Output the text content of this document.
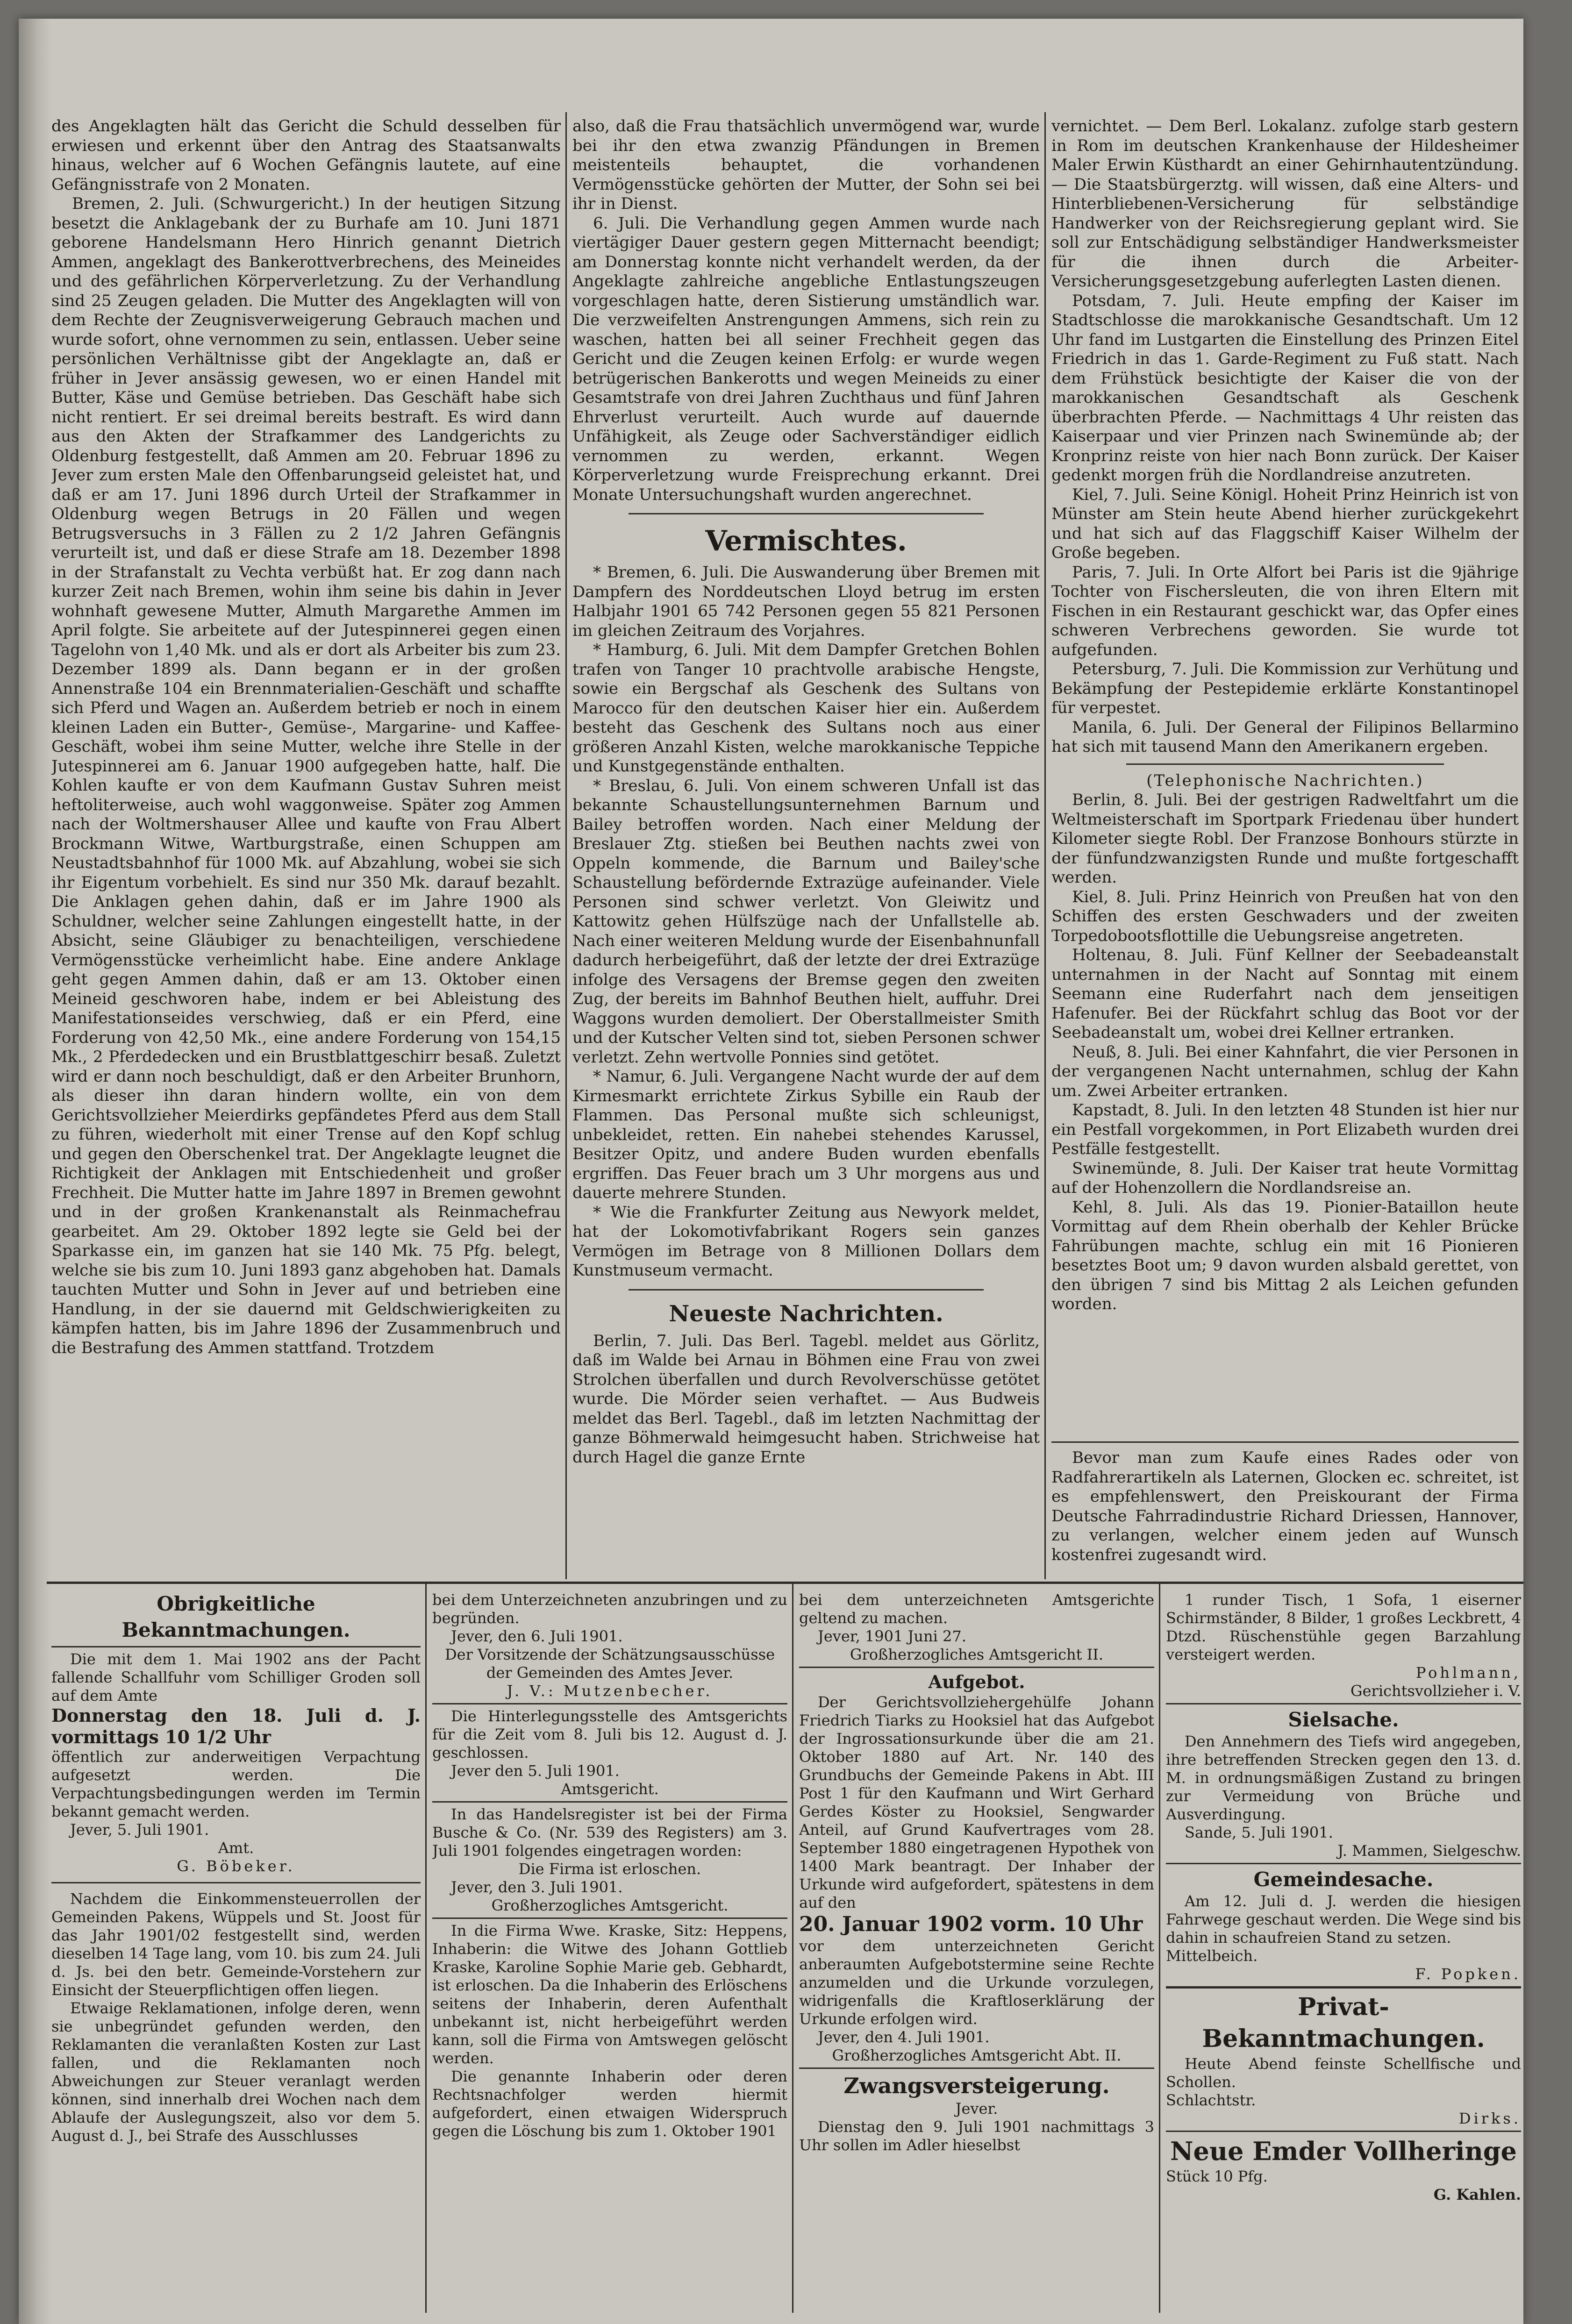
des Angeklagten hält das Gericht die Schuld desselben für erwiesen und erkennt über den Antrag des Staatsanwalts hinaus, welcher auf 6 Wochen Gefängnis lautete, auf eine Gefängnisstrafe von 2 Monaten.

Bremen, 2. Juli. (Schwurgericht.) In der heutigen Sitzung besetzt die Anklagebank der zu Burhafe am 10. Juni 1871 geborene Handelsmann Hero Hinrich genannt Dietrich Ammen, angeklagt des Bankerottverbrechens, des Meineides und des gefährlichen Körperverletzung. Zu der Verhandlung sind 25 Zeugen geladen. Die Mutter des Angeklagten will von dem Rechte der Zeugnisverweigerung Gebrauch machen und wurde sofort, ohne vernommen zu sein, entlassen. Ueber seine persönlichen Verhältnisse gibt der Angeklagte an, daß er früher in Jever ansässig gewesen, wo er einen Handel mit Butter, Käse und Gemüse betrieben. Das Geschäft habe sich nicht rentiert. Er sei dreimal bereits bestraft. Es wird dann aus den Akten der Strafkammer des Landgerichts zu Oldenburg festgestellt, daß Ammen am 20. Februar 1896 zu Jever zum ersten Male den Offenbarungseid geleistet hat, und daß er am 17. Juni 1896 durch Urteil der Strafkammer in Oldenburg wegen Betrugs in 20 Fällen und wegen Betrugsversuchs in 3 Fällen zu 2 1/2 Jahren Gefängnis verurteilt ist, und daß er diese Strafe am 18. Dezember 1898 in der Strafanstalt zu Vechta verbüßt hat. Er zog dann nach kurzer Zeit nach Bremen, wohin ihm seine bis dahin in Jever wohnhaft gewesene Mutter, Almuth Margarethe Ammen im April folgte. Sie arbeitete auf der Jutespinnerei gegen einen Tagelohn von 1,40 Mk. und als er dort als Arbeiter bis zum 23. Dezember 1899 als. Dann begann er in der großen Annenstraße 104 ein Brennmaterialien-Geschäft und schaffte sich Pferd und Wagen an. Außerdem betrieb er noch in einem kleinen Laden ein Butter-, Gemüse-, Margarine- und Kaffee-Geschäft, wobei ihm seine Mutter, welche ihre Stelle in der Jutespinnerei am 6. Januar 1900 aufgegeben hatte, half. Die Kohlen kaufte er von dem Kaufmann Gustav Suhren meist heftoliterweise, auch wohl waggonweise. Später zog Ammen nach der Woltmershauser Allee und kaufte von Frau Albert Brockmann Witwe, Wartburgstraße, einen Schuppen am Neustadtsbahnhof für 1000 Mk. auf Abzahlung, wobei sie sich ihr Eigentum vorbehielt. Es sind nur 350 Mk. darauf bezahlt. Die Anklagen gehen dahin, daß er im Jahre 1900 als Schuldner, welcher seine Zahlungen eingestellt hatte, in der Absicht, seine Gläubiger zu benachteiligen, verschiedene Vermögensstücke verheimlicht habe. Eine andere Anklage geht gegen Ammen dahin, daß er am 13. Oktober einen Meineid geschworen habe, indem er bei Ableistung des Manifestationseides verschwieg, daß er ein Pferd, eine Forderung von 42,50 Mk., eine andere Forderung von 154,15 Mk., 2 Pferdedecken und ein Brustblattgeschirr besaß. Zuletzt wird er dann noch beschuldigt, daß er den Arbeiter Brunhorn, als dieser ihn daran hindern wollte, ein von dem Gerichtsvollzieher Meierdirks gepfändetes Pferd aus dem Stall zu führen, wiederholt mit einer Trense auf den Kopf schlug und gegen den Oberschenkel trat. Der Angeklagte leugnet die Richtigkeit der Anklagen mit Entschiedenheit und großer Frechheit. Die Mutter hatte im Jahre 1897 in Bremen gewohnt und in der großen Krankenanstalt als Reinmachefrau gearbeitet. Am 29. Oktober 1892 legte sie Geld bei der Sparkasse ein, im ganzen hat sie 140 Mk. 75 Pfg. belegt, welche sie bis zum 10. Juni 1893 ganz abgehoben hat. Damals tauchten Mutter und Sohn in Jever auf und betrieben eine Handlung, in der sie dauernd mit Geldschwierigkeiten zu kämpfen hatten, bis im Jahre 1896 der Zusammenbruch und die Bestrafung des Ammen stattfand. Trotzdem

also, daß die Frau thatsächlich unvermögend war, wurde bei ihr den etwa zwanzig Pfändungen in Bremen meistenteils behauptet, die vorhandenen Vermögensstücke gehörten der Mutter, der Sohn sei bei ihr in Dienst.

6. Juli. Die Verhandlung gegen Ammen wurde nach viertägiger Dauer gestern gegen Mitternacht beendigt; am Donnerstag konnte nicht verhandelt werden, da der Angeklagte zahlreiche angebliche Entlastungszeugen vorgeschlagen hatte, deren Sistierung umständlich war. Die verzweifelten Anstrengungen Ammens, sich rein zu waschen, hatten bei all seiner Frechheit gegen das Gericht und die Zeugen keinen Erfolg: er wurde wegen betrügerischen Bankerotts und wegen Meineids zu einer Gesamtstrafe von drei Jahren Zuchthaus und fünf Jahren Ehrverlust verurteilt. Auch wurde auf dauernde Unfähigkeit, als Zeuge oder Sachverständiger eidlich vernommen zu werden, erkannt. Wegen Körperverletzung wurde Freisprechung erkannt. Drei Monate Untersuchungshaft wurden angerechnet.

Vermischtes.

* Bremen, 6. Juli. Die Auswanderung über Bremen mit Dampfern des Norddeutschen Lloyd betrug im ersten Halbjahr 1901 65 742 Personen gegen 55 821 Personen im gleichen Zeitraum des Vorjahres.

* Hamburg, 6. Juli. Mit dem Dampfer Gretchen Bohlen trafen von Tanger 10 prachtvolle arabische Hengste, sowie ein Bergschaf als Geschenk des Sultans von Marocco für den deutschen Kaiser hier ein. Außerdem besteht das Geschenk des Sultans noch aus einer größeren Anzahl Kisten, welche marokkanische Teppiche und Kunstgegenstände enthalten.

* Breslau, 6. Juli. Von einem schweren Unfall ist das bekannte Schaustellungsunternehmen Barnum und Bailey betroffen worden. Nach einer Meldung der Breslauer Ztg. stießen bei Beuthen nachts zwei von Oppeln kommende, die Barnum und Bailey'sche Schaustellung befördernde Extrazüge aufeinander. Viele Personen sind schwer verletzt. Von Gleiwitz und Kattowitz gehen Hülfszüge nach der Unfallstelle ab. Nach einer weiteren Meldung wurde der Eisenbahnunfall dadurch herbeigeführt, daß der letzte der drei Extrazüge infolge des Versagens der Bremse gegen den zweiten Zug, der bereits im Bahnhof Beuthen hielt, auffuhr. Drei Waggons wurden demoliert. Der Oberstallmeister Smith und der Kutscher Velten sind tot, sieben Personen schwer verletzt. Zehn wertvolle Ponnies sind getötet.

* Namur, 6. Juli. Vergangene Nacht wurde der auf dem Kirmesmarkt errichtete Zirkus Sybille ein Raub der Flammen. Das Personal mußte sich schleunigst, unbekleidet, retten. Ein nahebei stehendes Karussel, Besitzer Opitz, und andere Buden wurden ebenfalls ergriffen. Das Feuer brach um 3 Uhr morgens aus und dauerte mehrere Stunden.

* Wie die Frankfurter Zeitung aus Newyork meldet, hat der Lokomotivfabrikant Rogers sein ganzes Vermögen im Betrage von 8 Millionen Dollars dem Kunstmuseum vermacht.

Neueste Nachrichten.

Berlin, 7. Juli. Das Berl. Tagebl. meldet aus Görlitz, daß im Walde bei Arnau in Böhmen eine Frau von zwei Strolchen überfallen und durch Revolverschüsse getötet wurde. Die Mörder seien verhaftet. — Aus Budweis meldet das Berl. Tagebl., daß im letzten Nachmittag der ganze Böhmerwald heimgesucht haben. Strichweise hat durch Hagel die ganze Ernte

vernichtet. — Dem Berl. Lokalanz. zufolge starb gestern in Rom im deutschen Krankenhause der Hildesheimer Maler Erwin Küsthardt an einer Gehirnhautentzündung. — Die Staatsbürgerztg. will wissen, daß eine Alters- und Hinterbliebenen-Versicherung für selbständige Handwerker von der Reichsregierung geplant wird. Sie soll zur Entschädigung selbständiger Handwerksmeister für die ihnen durch die Arbeiter-Versicherungsgesetzgebung auferlegten Lasten dienen.

Potsdam, 7. Juli. Heute empfing der Kaiser im Stadtschlosse die marokkanische Gesandtschaft. Um 12 Uhr fand im Lustgarten die Einstellung des Prinzen Eitel Friedrich in das 1. Garde-Regiment zu Fuß statt. Nach dem Frühstück besichtigte der Kaiser die von der marokkanischen Gesandtschaft als Geschenk überbrachten Pferde. — Nachmittags 4 Uhr reisten das Kaiserpaar und vier Prinzen nach Swinemünde ab; der Kronprinz reiste von hier nach Bonn zurück. Der Kaiser gedenkt morgen früh die Nordlandreise anzutreten.

Kiel, 7. Juli. Seine Königl. Hoheit Prinz Heinrich ist von Münster am Stein heute Abend hierher zurückgekehrt und hat sich auf das Flaggschiff Kaiser Wilhelm der Große begeben.

Paris, 7. Juli. In Orte Alfort bei Paris ist die 9jährige Tochter von Fischersleuten, die von ihren Eltern mit Fischen in ein Restaurant geschickt war, das Opfer eines schweren Verbrechens geworden. Sie wurde tot aufgefunden.

Petersburg, 7. Juli. Die Kommission zur Verhütung und Bekämpfung der Pestepidemie erklärte Konstantinopel für verpestet.

Manila, 6. Juli. Der General der Filipinos Bellarmino hat sich mit tausend Mann den Amerikanern ergeben.

(Telephonische Nachrichten.)

Berlin, 8. Juli. Bei der gestrigen Radweltfahrt um die Weltmeisterschaft im Sportpark Friedenau über hundert Kilometer siegte Robl. Der Franzose Bonhours stürzte in der fünfundzwanzigsten Runde und mußte fortgeschafft werden.

Kiel, 8. Juli. Prinz Heinrich von Preußen hat von den Schiffen des ersten Geschwaders und der zweiten Torpedobootsflottille die Uebungsreise angetreten.

Holtenau, 8. Juli. Fünf Kellner der Seebadeanstalt unternahmen in der Nacht auf Sonntag mit einem Seemann eine Ruderfahrt nach dem jenseitigen Hafenufer. Bei der Rückfahrt schlug das Boot vor der Seebadeanstalt um, wobei drei Kellner ertranken.

Neuß, 8. Juli. Bei einer Kahnfahrt, die vier Personen in der vergangenen Nacht unternahmen, schlug der Kahn um. Zwei Arbeiter ertranken.

Kapstadt, 8. Juli. In den letzten 48 Stunden ist hier nur ein Pestfall vorgekommen, in Port Elizabeth wurden drei Pestfälle festgestellt.

Swinemünde, 8. Juli. Der Kaiser trat heute Vormittag auf der Hohenzollern die Nordlandsreise an.

Kehl, 8. Juli. Als das 19. Pionier-Bataillon heute Vormittag auf dem Rhein oberhalb der Kehler Brücke Fahrübungen machte, schlug ein mit 16 Pionieren besetztes Boot um; 9 davon wurden alsbald gerettet, von den übrigen 7 sind bis Mittag 2 als Leichen gefunden worden.

Bevor man zum Kaufe eines Rades oder von Radfahrerartikeln als Laternen, Glocken ec. schreitet, ist es empfehlenswert, den Preiskourant der Firma Deutsche Fahrradindustrie Richard Driessen, Hannover, zu verlangen, welcher einem jeden auf Wunsch kostenfrei zugesandt wird.

Obrigkeitliche Bekanntmachungen.

Die mit dem 1. Mai 1902 ans der Pacht fallende Schallfuhr vom Schilliger Groden soll auf dem Amte

Donnerstag den 18. Juli d. J. vormittags 10 1/2 Uhr

öffentlich zur anderweitigen Verpachtung aufgesetzt werden. Die Verpachtungsbedingungen werden im Termin bekannt gemacht werden.

Jever, 5. Juli 1901.

Amt.

G. Böbeker.

Nachdem die Einkommensteuerrollen der Gemeinden Pakens, Wüppels und St. Joost für das Jahr 1901/02 festgestellt sind, werden dieselben 14 Tage lang, vom 10. bis zum 24. Juli d. Js. bei den betr. Gemeinde-Vorstehern zur Einsicht der Steuerpflichtigen offen liegen.

Etwaige Reklamationen, infolge deren, wenn sie unbegründet gefunden werden, den Reklamanten die veranlaßten Kosten zur Last fallen, und die Reklamanten noch Abweichungen zur Steuer veranlagt werden können, sind innerhalb drei Wochen nach dem Ablaufe der Auslegungszeit, also vor dem 5. August d. J., bei Strafe des Ausschlusses

bei dem Unterzeichneten anzubringen und zu begründen.

Jever, den 6. Juli 1901.

Der Vorsitzende der Schätzungsausschüsse der Gemeinden des Amtes Jever.

J. V.: Mutzenbecher.

Die Hinterlegungsstelle des Amtsgerichts für die Zeit vom 8. Juli bis 12. August d. J. geschlossen.

Jever den 5. Juli 1901.

Amtsgericht.

In das Handelsregister ist bei der Firma Busche & Co. (Nr. 539 des Registers) am 3. Juli 1901 folgendes eingetragen worden:

Die Firma ist erloschen.

Jever, den 3. Juli 1901.

Großherzogliches Amtsgericht.

In die Firma Wwe. Kraske, Sitz: Heppens, Inhaberin: die Witwe des Johann Gottlieb Kraske, Karoline Sophie Marie geb. Gebhardt, ist erloschen. Da die Inhaberin des Erlöschens seitens der Inhaberin, deren Aufenthalt unbekannt ist, nicht herbeigeführt werden kann, soll die Firma von Amtswegen gelöscht werden.

Die genannte Inhaberin oder deren Rechtsnachfolger werden hiermit aufgefordert, einen etwaigen Widerspruch gegen die Löschung bis zum 1. Oktober 1901

bei dem unterzeichneten Amtsgerichte geltend zu machen.

Jever, 1901 Juni 27.

Großherzogliches Amtsgericht II.

Aufgebot.

Der Gerichtsvollziehergehülfe Johann Friedrich Tiarks zu Hooksiel hat das Aufgebot der Ingrossationsurkunde über die am 21. Oktober 1880 auf Art. Nr. 140 des Grundbuchs der Gemeinde Pakens in Abt. III Post 1 für den Kaufmann und Wirt Gerhard Gerdes Köster zu Hooksiel, Sengwarder Anteil, auf Grund Kaufvertrages vom 28. September 1880 eingetragenen Hypothek von 1400 Mark beantragt. Der Inhaber der Urkunde wird aufgefordert, spätestens in dem auf den

20. Januar 1902 vorm. 10 Uhr

vor dem unterzeichneten Gericht anberaumten Aufgebotstermine seine Rechte anzumelden und die Urkunde vorzulegen, widrigenfalls die Kraftloserklärung der Urkunde erfolgen wird.

Jever, den 4. Juli 1901.

Großherzogliches Amtsgericht Abt. II.

Zwangsversteigerung.

Jever.

Dienstag den 9. Juli 1901 nachmittags 3 Uhr sollen im Adler hieselbst

1 runder Tisch, 1 Sofa, 1 eiserner Schirmständer, 8 Bilder, 1 großes Leckbrett, 4 Dtzd. Rüschenstühle gegen Barzahlung versteigert werden.

Pohlmann,

Gerichtsvollzieher i. V.

Sielsache.

Den Annehmern des Tiefs wird angegeben, ihre betreffenden Strecken gegen den 13. d. M. in ordnungsmäßigen Zustand zu bringen zur Vermeidung von Brüche und Ausverdingung.

Sande, 5. Juli 1901.

J. Mammen, Sielgeschw.

Gemeindesache.

Am 12. Juli d. J. werden die hiesigen Fahrwege geschaut werden. Die Wege sind bis dahin in schaufreien Stand zu setzen.

Mittelbeich.

F. Popken.

Privat-Bekanntmachungen.

Heute Abend feinste Schellfische und Schollen.

Schlachtstr.

Dirks.

Neue Emder Vollheringe

Stück 10 Pfg.

G. Kahlen.
